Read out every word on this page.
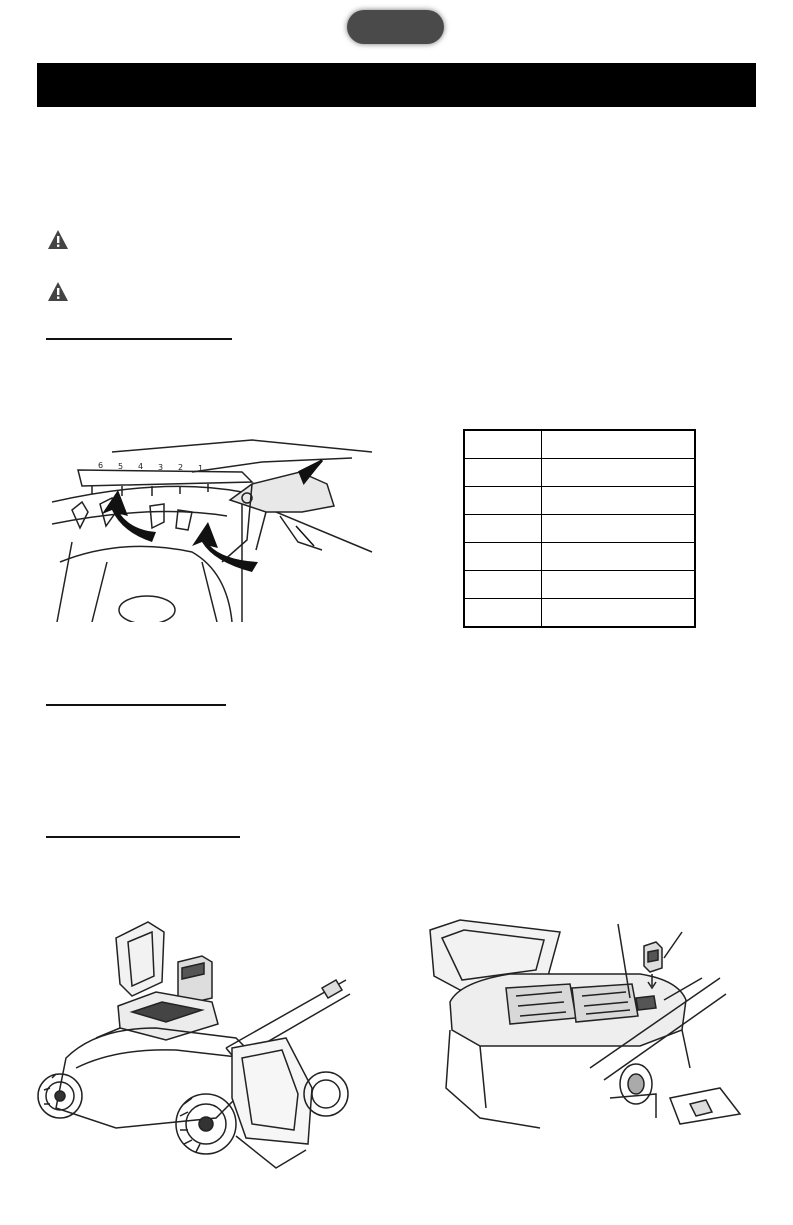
6 5 4 3 2 1
